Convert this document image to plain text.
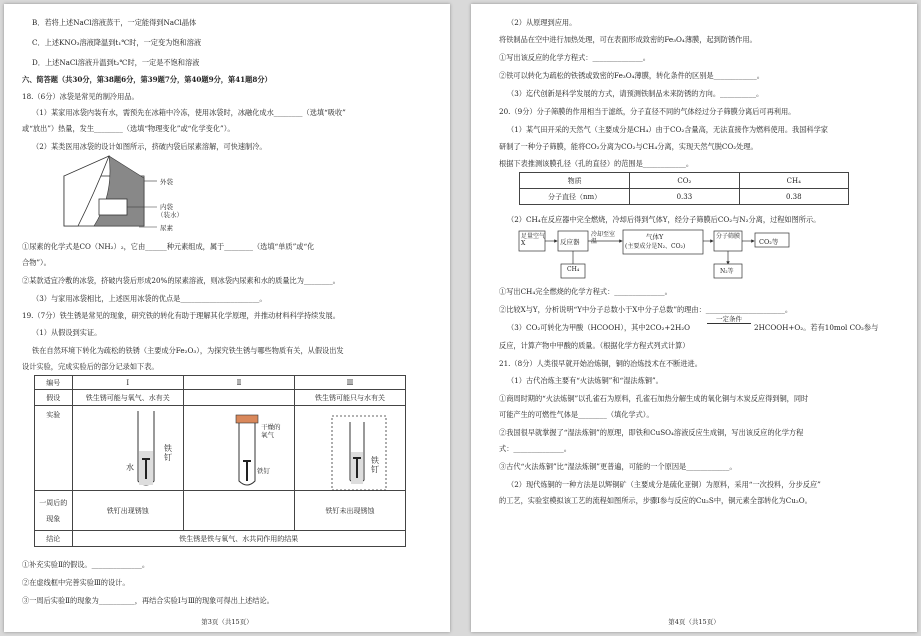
B．若将上述NaCl溶液蒸干，一定能得到NaCl晶体
C．上述KNO₃溶液降温到t₁℃时，一定变为饱和溶液
D．上述NaCl溶液升温到t₂℃时，一定是不饱和溶液
六、简答题（共30分，第38题6分，第39题7分，第40题9分，第41题8分）
18.（6分）冰袋是常见的制冷用品。
（1）某家用冰袋内装有水，需预先在冰箱中冷冻，使用冰袋时，冰融化成水________（选填“吸收”
或“放出”）热量，发生________（选填“物理变化”或“化学变化”）。
（2）某类医用冰袋的设计如图所示，挤破内袋后尿素溶解，可快速制冷。
外袋
内袋
（装水）
尿素
①尿素的化学式是CO（NH₂）₂，它由______种元素组成，属于________（选填“单质”或“化
合物”）。
②某款适宜冷敷的冰袋，挤破内袋后形成20%的尿素溶液，则冰袋内尿素和水的质量比为________。
（3）与家用冰袋相比，上述医用冰袋的优点是______________________。
19.（7分）铁生锈是常见的现象，研究铁的转化有助于理解其化学原理，并推动材料科学持续发展。
（1）从假设到实证。
铁在自然环境下转化为疏松的铁锈（主要成分Fe₂O₃），为探究铁生锈与哪些物质有关，从假设出发
设计实验，完成实验后的部分记录如下表。
编号	Ⅰ	Ⅱ	Ⅲ
假设	铁生锈可能与氧气、水有关		铁生锈可能只与水有关
实验			

一周后的
现象	铁钉出现锈蚀		铁钉未出现锈蚀
结论	铁生锈是铁与氧气、水共同作用的结果		
水
铁钉
干燥的
氧气
铁钉
铁钉
①补充实验Ⅱ的假设。______________。
②在虚线框中完善实验Ⅲ的设计。
③一周后实验Ⅱ的现象为__________，再结合实验Ⅰ与Ⅲ的现象可得出上述结论。
第3页（共15页）
（2）从原理到应用。
将铁制品在空中进行加热处理，可在表面形成致密的Fe₃O₄薄膜，起到防锈作用。
①写出该反应的化学方程式：______________。
②铁可以转化为疏松的铁锈或致密的Fe₃O₄薄膜，转化条件的区别是____________。
（3）迄代创新是科学发展的方式，请预测铁制品未来防锈的方向。__________。
20.（9分）分子筛膜的作用相当于滤纸，分子直径不同的气体经过分子筛膜分离后可再利用。
（1）某气田开采的天然气（主要成分是CH₄）由于CO₂含量高，无法直接作为燃料使用。我国科学家
研制了一种分子筛膜，能将CO₂分离为CO₂与CH₄分离，实现天然气脱CO₂处理。
根据下表推测该膜孔径（孔的直径）的范围是____________。
物质	CO₂	CH₄
分子直径（nm）	0.33	0.38
（2）CH₄在反应器中完全燃烧，冷却后得到气体Y，经分子筛膜后CO₂与N₂分离，过程如图所示。
足量空气X	反应器
CH₄
冷却至室温
气体Y
(主要成分是N₂、CO₂)
分子筛膜
CO₂等
N₂等
①写出CH₄完全燃烧的化学方程式：______________。
②比较X与Y，分析说明“Y中分子总数小于X中分子总数”的理由：______________________。
（3）CO₂可转化为甲酸（HCOOH），其中2CO₂+2H₂O
一定条件
2HCOOH+O₂。若有10mol CO₂参与
反应，计算产物中甲酸的质量。（根据化学方程式列式计算）
21.（8分）人类很早就开始冶炼铜，铜的冶炼技术在不断进进。
（1）古代冶炼主要有“火法炼铜”和“湿法炼铜”。
①商周时期的“火法炼铜”以孔雀石为原料，孔雀石加热分解生成的氧化铜与木炭反应得到铜，同时
可能产生的可燃性气体是________（填化学式）。
②我国很早就掌握了“湿法炼铜”的原理，即铁和CuSO₄溶液反应生成铜，写出该反应的化学方程
式：______________。
③古代“火法炼铜”比“湿法炼铜”更普遍，可能的一个原因是____________。
（2）现代炼铜的一种方法是以辉铜矿（主要成分是硫化亚铜）为原料，采用“一次投料，分步反应”
的工艺，实验室模拟该工艺的流程如图所示，步骤Ⅰ参与反应的Cu₂S中，铜元素全部转化为Cu₂O。
第4页（共15页）
